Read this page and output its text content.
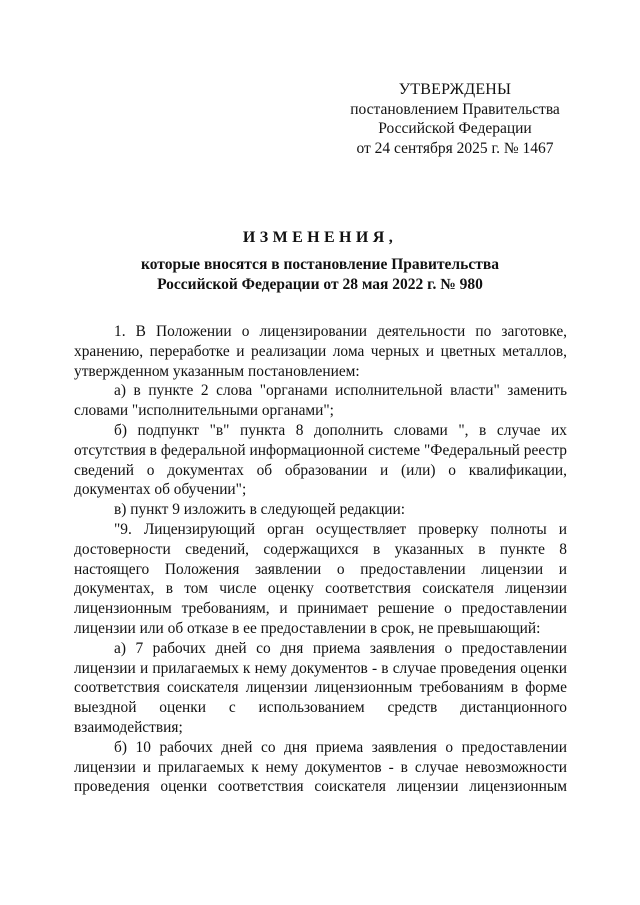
УТВЕРЖДЕНЫ
постановлением Правительства
Российской Федерации
от 24 сентября 2025 г. № 1467
ИЗМЕНЕНИЯ,
которые вносятся в постановление Правительства
Российской Федерации от 28 мая 2022 г. № 980

1. В Положении о лицензировании деятельности по заготовке, хранению, переработке и реализации лома черных и цветных металлов, утвержденном указанным постановлением:

а) в пункте 2 слова "органами исполнительной власти" заменить словами "исполнительными органами";

б) подпункт "в" пункта 8 дополнить словами ", в случае их отсутствия в федеральной информационной системе "Федеральный реестр сведений о документах об образовании и (или) о квалификации, документах об обучении";

в) пункт 9 изложить в следующей редакции:

"9. Лицензирующий орган осуществляет проверку полноты и достоверности сведений, содержащихся в указанных в пункте 8 настоящего Положения заявлении о предоставлении лицензии и документах, в том числе оценку соответствия соискателя лицензии лицензионным требованиям, и принимает решение о предоставлении лицензии или об отказе в ее предоставлении в срок, не превышающий:

а) 7 рабочих дней со дня приема заявления о предоставлении лицензии и прилагаемых к нему документов - в случае проведения оценки соответствия соискателя лицензии лицензионным требованиям в форме выездной оценки с использованием средств дистанционного взаимодействия;

б) 10 рабочих дней со дня приема заявления о предоставлении лицензии и прилагаемых к нему документов - в случае невозможности проведения оценки соответствия соискателя лицензии лицензионным
